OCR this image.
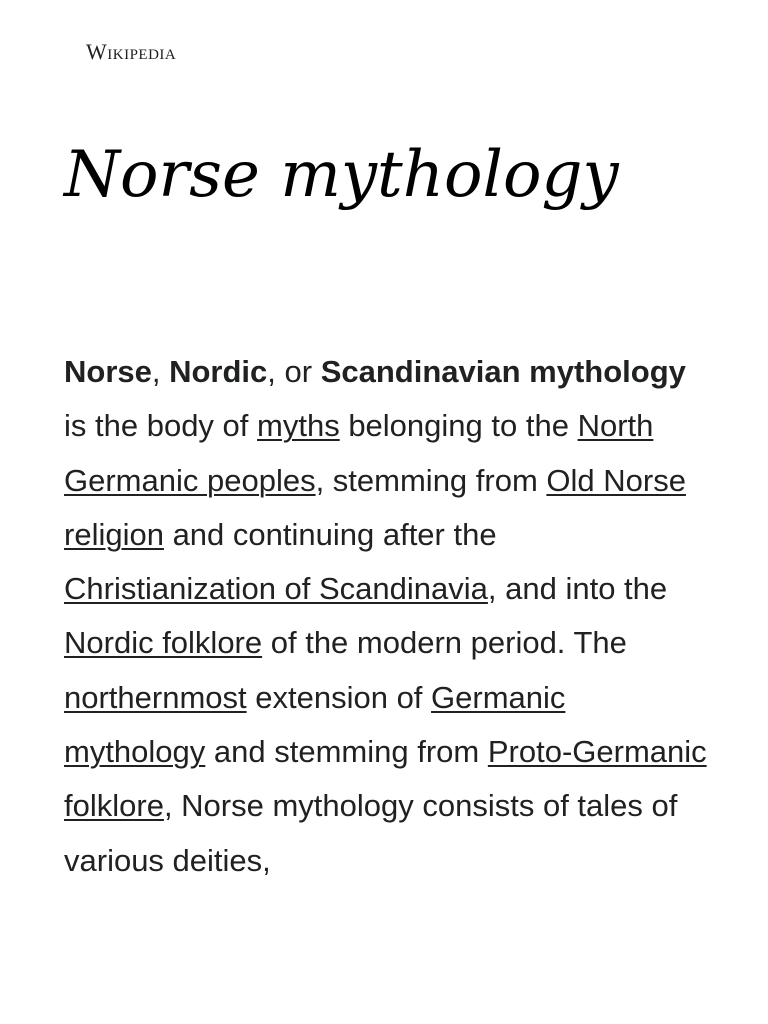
Wikipedia
Norse mythology

Norse, Nordic, or Scandinavian mythology is the body of myths belonging to the North Germanic peoples, stemming from Old Norse religion and continuing after the Christianization of Scandinavia, and into the Nordic folklore of the modern period. The northernmost extension of Germanic mythology and stemming from Proto-Germanic folklore, Norse mythology consists of tales of various deities,
